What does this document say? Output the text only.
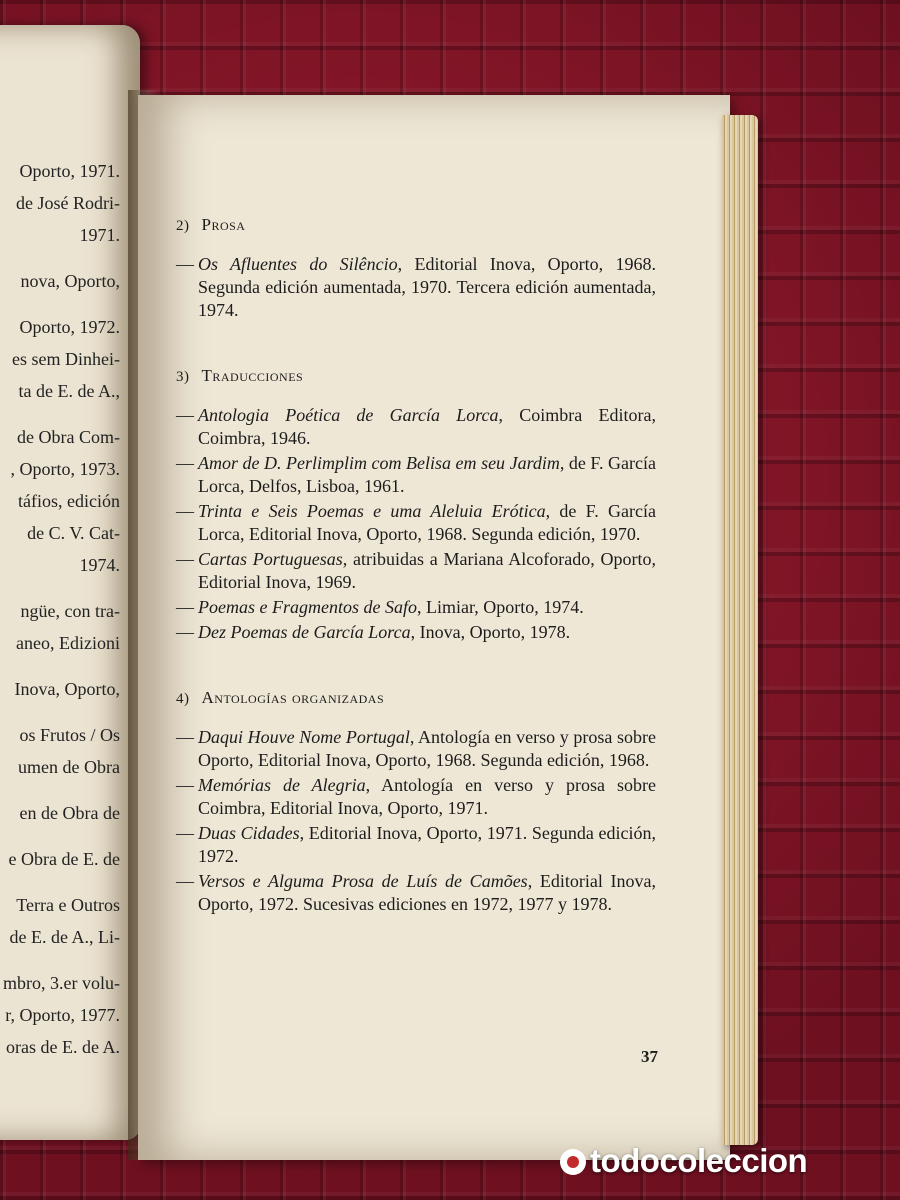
Oporto, 1971.
de José Rodri-
1971.
nova, Oporto,
Oporto, 1972.
es sem Dinhei-
ta de E. de A.,
de Obra Com-
, Oporto, 1973.
táfios, edición
de C. V. Cat-
1974.
ngüe, con tra-
aneo, Edizioni
Inova, Oporto,
os Frutos / Os
umen de Obra
en de Obra de
e Obra de E. de
Terra e Outros
de E. de A., Li-
mbro, 3.er volu-
r, Oporto, 1977.
oras de E. de A.
2) Prosa

— Os Afluentes do Silêncio, Editorial Inova, Oporto, 1968. Segunda edición aumentada, 1970. Tercera edición aumentada, 1974.

3) Traducciones

— Antologia Poética de García Lorca, Coimbra Editora, Coimbra, 1946.

— Amor de D. Perlimplim com Belisa em seu Jardim, de F. García Lorca, Delfos, Lisboa, 1961.

— Trinta e Seis Poemas e uma Aleluia Erótica, de F. García Lorca, Editorial Inova, Oporto, 1968. Segunda edición, 1970.

— Cartas Portuguesas, atribuidas a Mariana Alcoforado, Oporto, Editorial Inova, 1969.

— Poemas e Fragmentos de Safo, Limiar, Oporto, 1974.

— Dez Poemas de García Lorca, Inova, Oporto, 1978.

4) Antologías organizadas

— Daqui Houve Nome Portugal, Antología en verso y prosa sobre Oporto, Editorial Inova, Oporto, 1968. Segunda edición, 1968.

— Memórias de Alegria, Antología en verso y prosa sobre Coimbra, Editorial Inova, Oporto, 1971.

— Duas Cidades, Editorial Inova, Oporto, 1971. Segunda edición, 1972.

— Versos e Alguma Prosa de Luís de Camões, Editorial Inova, Oporto, 1972. Sucesivas ediciones en 1972, 1977 y 1978.

37
todocoleccion
